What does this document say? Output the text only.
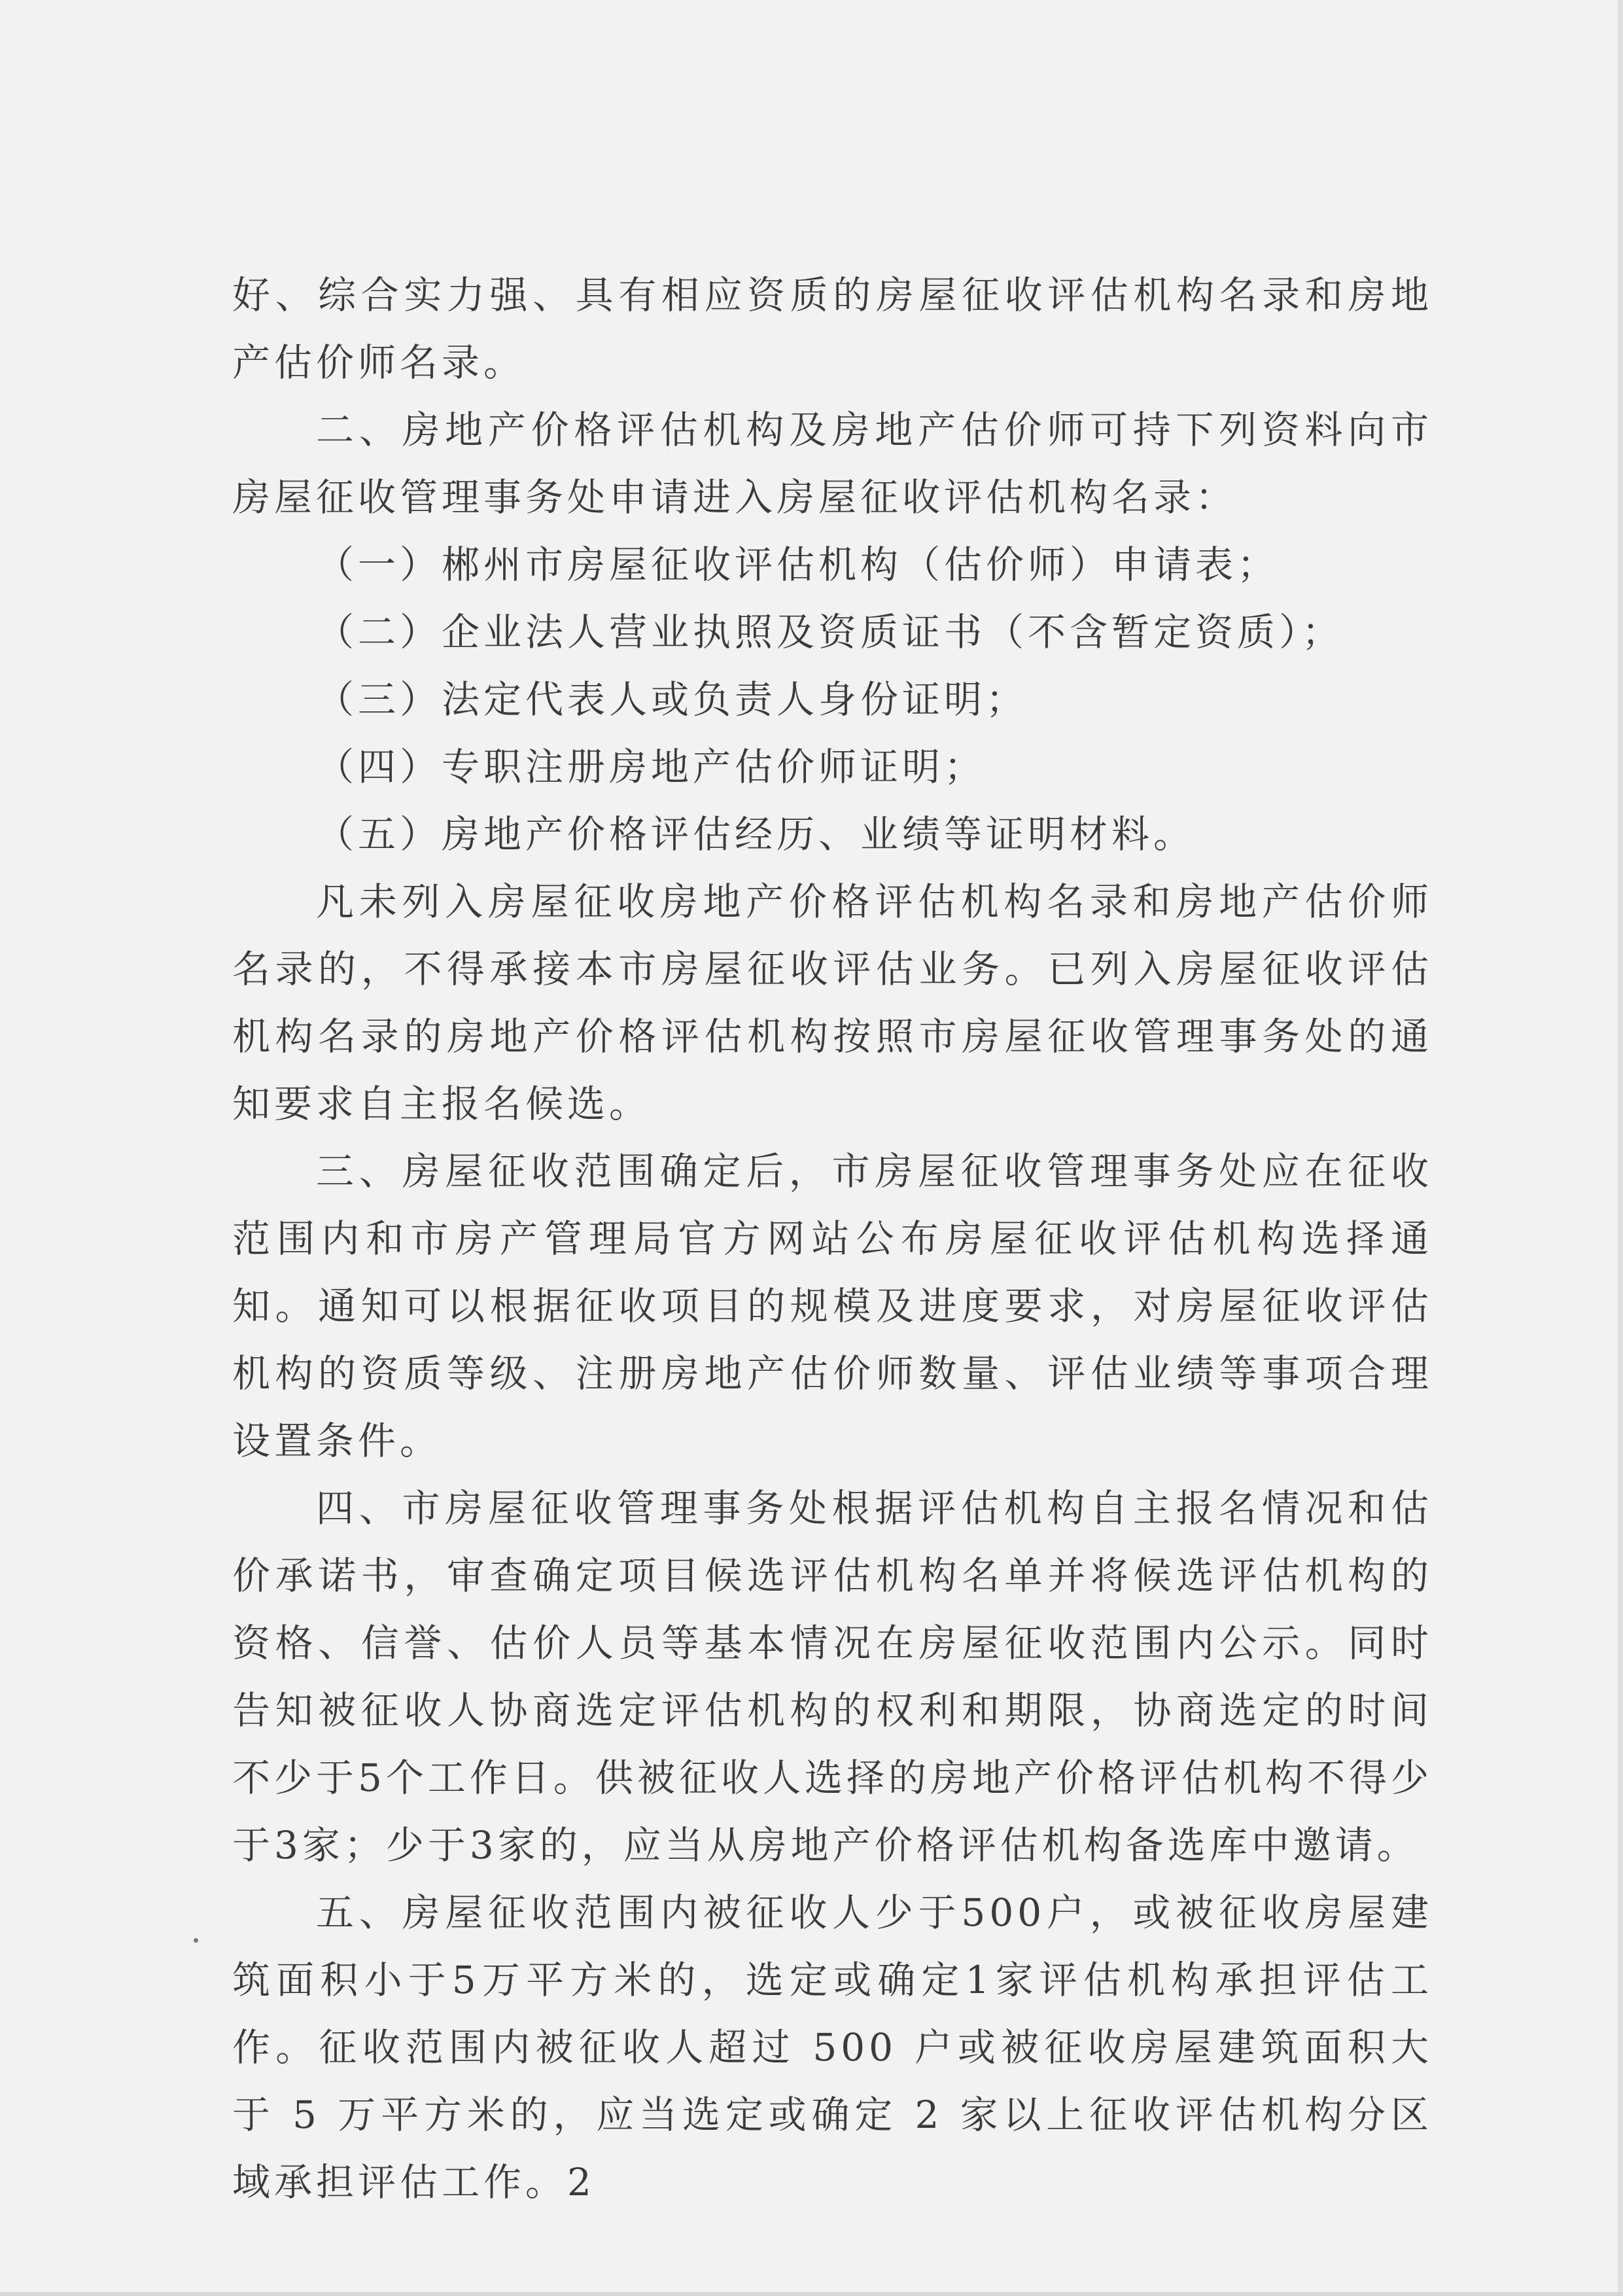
好、综合实力强、具有相应资质的房屋征收评估机构名录和房地产估价师名录。

二、房地产价格评估机构及房地产估价师可持下列资料向市房屋征收管理事务处申请进入房屋征收评估机构名录：

（一）郴州市房屋征收评估机构（估价师）申请表；

（二）企业法人营业执照及资质证书（不含暂定资质）；

（三）法定代表人或负责人身份证明；

（四）专职注册房地产估价师证明；

（五）房地产价格评估经历、业绩等证明材料。

凡未列入房屋征收房地产价格评估机构名录和房地产估价师名录的，不得承接本市房屋征收评估业务。已列入房屋征收评估机构名录的房地产价格评估机构按照市房屋征收管理事务处的通知要求自主报名候选。

三、房屋征收范围确定后，市房屋征收管理事务处应在征收范围内和市房产管理局官方网站公布房屋征收评估机构选择通知。通知可以根据征收项目的规模及进度要求，对房屋征收评估机构的资质等级、注册房地产估价师数量、评估业绩等事项合理设置条件。

四、市房屋征收管理事务处根据评估机构自主报名情况和估价承诺书，审查确定项目候选评估机构名单并将候选评估机构的资格、信誉、估价人员等基本情况在房屋征收范围内公示。同时告知被征收人协商选定评估机构的权利和期限，协商选定的时间不少于5个工作日。供被征收人选择的房地产价格评估机构不得少于3家；少于3家的，应当从房地产价格评估机构备选库中邀请。

五、房屋征收范围内被征收人少于500户，或被征收房屋建筑面积小于5万平方米的，选定或确定1家评估机构承担评估工作。征收范围内被征收人超过 500 户或被征收房屋建筑面积大于 5 万平方米的，应当选定或确定 2 家以上征收评估机构分区域承担评估工作。2
